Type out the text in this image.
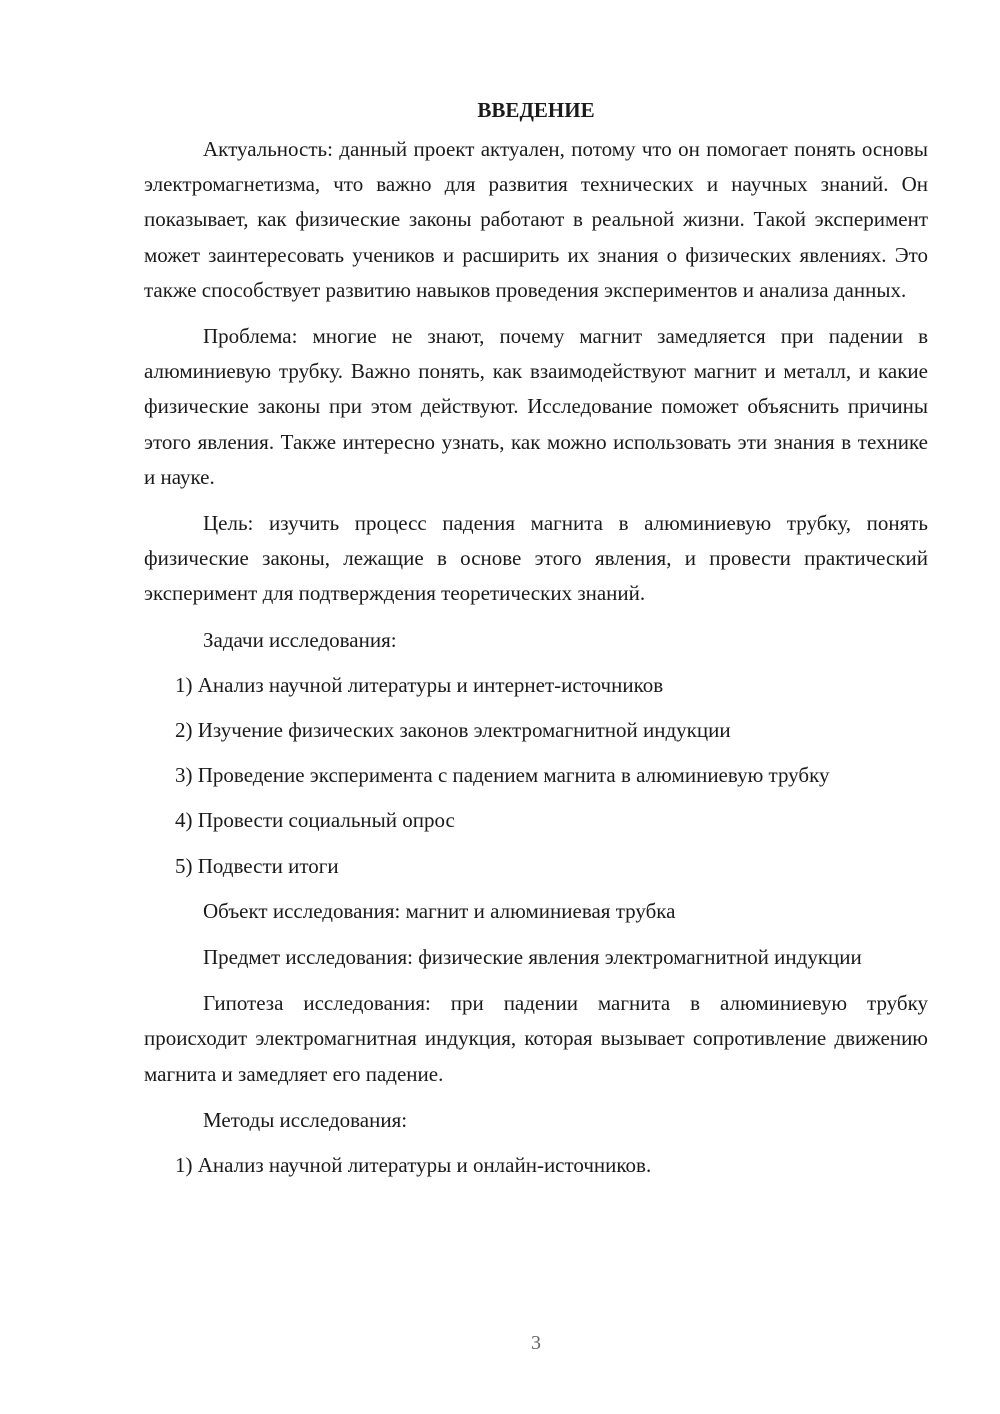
ВВЕДЕНИЕ

Актуальность: данный проект актуален, потому что он помогает понять основы электромагнетизма, что важно для развития технических и научных знаний. Он показывает, как физические законы работают в реальной жизни. Такой эксперимент может заинтересовать учеников и расширить их знания о физических явлениях. Это также способствует развитию навыков проведения экспериментов и анализа данных.

Проблема: многие не знают, почему магнит замедляется при падении в алюминиевую трубку. Важно понять, как взаимодействуют магнит и металл, и какие физические законы при этом действуют. Исследование поможет объяснить причины этого явления. Также интересно узнать, как можно использовать эти знания в технике и науке.

Цель: изучить процесс падения магнита в алюминиевую трубку, понять физические законы, лежащие в основе этого явления, и провести практический эксперимент для подтверждения теоретических знаний.

Задачи исследования:

1) Анализ научной литературы и интернет-источников

2) Изучение физических законов электромагнитной индукции

3) Проведение эксперимента с падением магнита в алюминиевую трубку

4) Провести социальный опрос

5) Подвести итоги

Объект исследования: магнит и алюминиевая трубка

Предмет исследования: физические явления электромагнитной индукции

Гипотеза исследования: при падении магнита в алюминиевую трубку происходит электромагнитная индукция, которая вызывает сопротивление движению магнита и замедляет его падение.

Методы исследования:

1) Анализ научной литературы и онлайн-источников.

3
